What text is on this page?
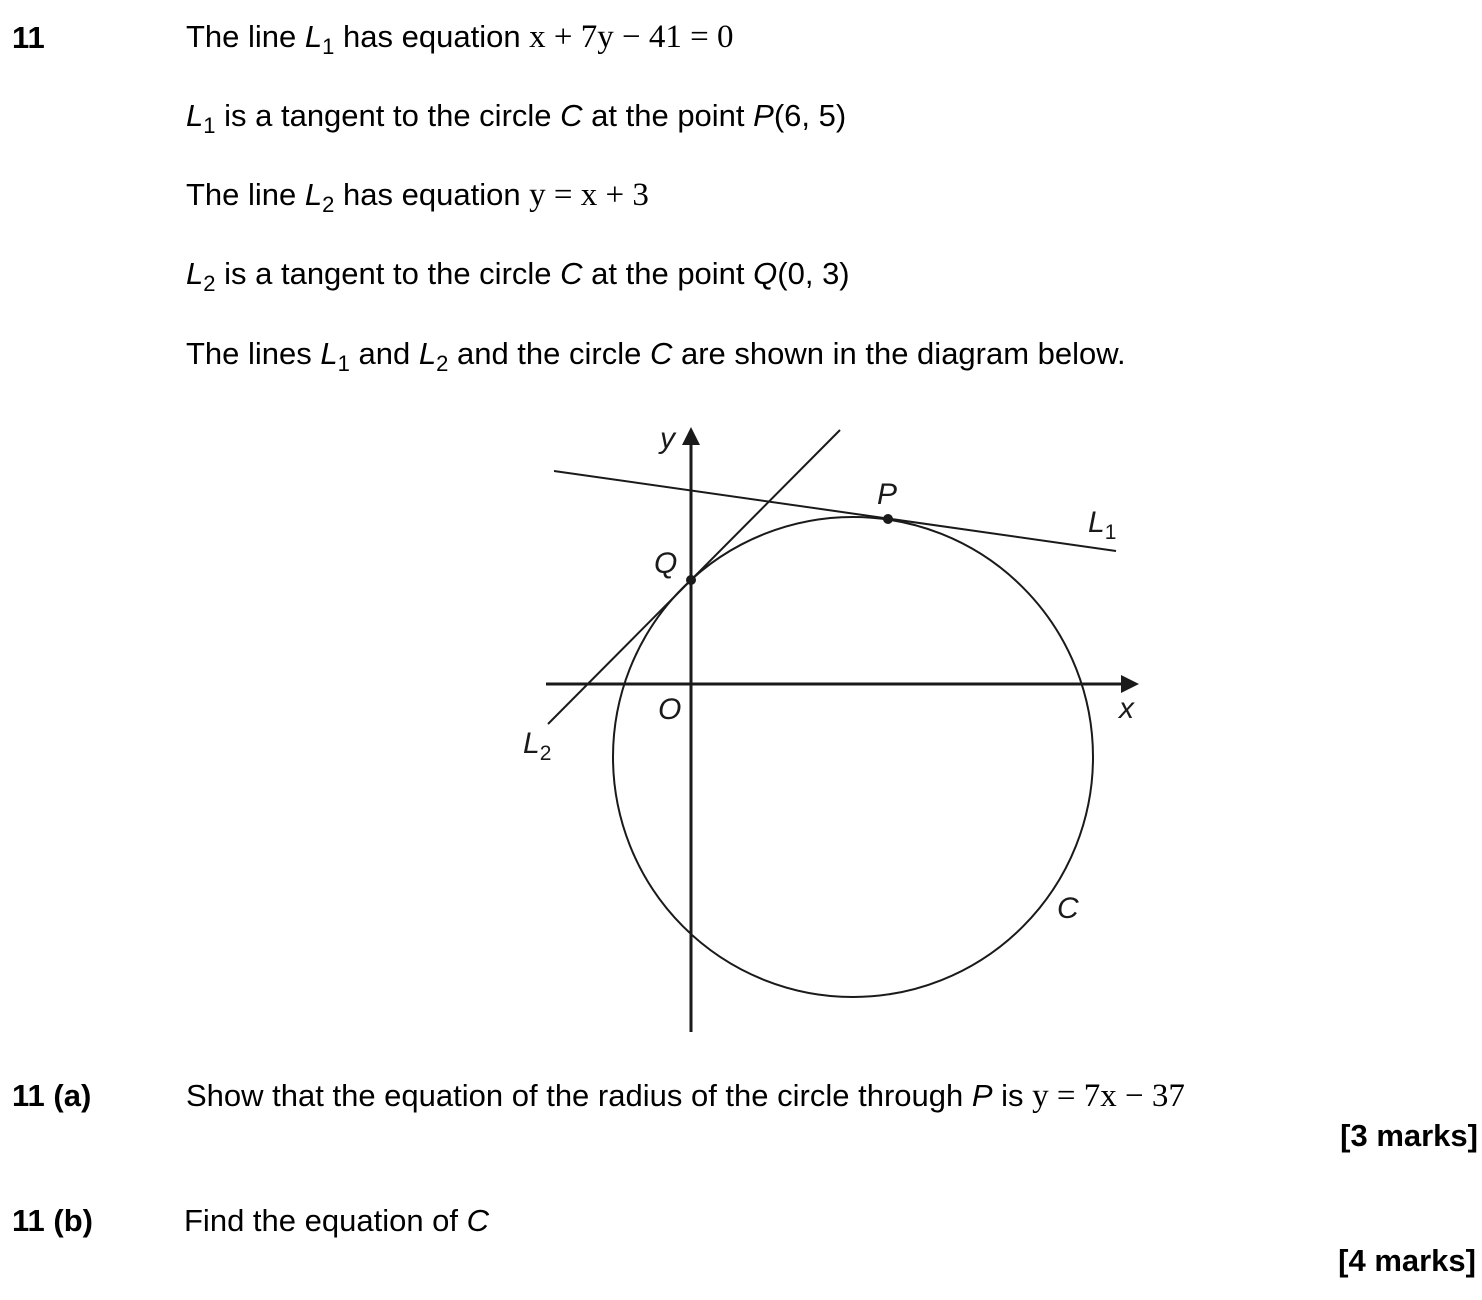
11	The line $L_1$ has equation x + 7y − 41 = 0
$L_1$ is a tangent to the circle C at the point P(6, 5)
The line $L_2$ has equation y = x + 3
$L_2$ is a tangent to the circle C at the point Q(0, 3)
The lines $L_1$ and $L_2$ and the circle C are shown in the diagram below.
y
x
O
P
Q
$L_1$
$L_2$
C
11 (a)	Show that the equation of the radius of the circle through P is y = 7x − 37
[3 marks]
11 (b)	Find the equation of C
[4 marks]
